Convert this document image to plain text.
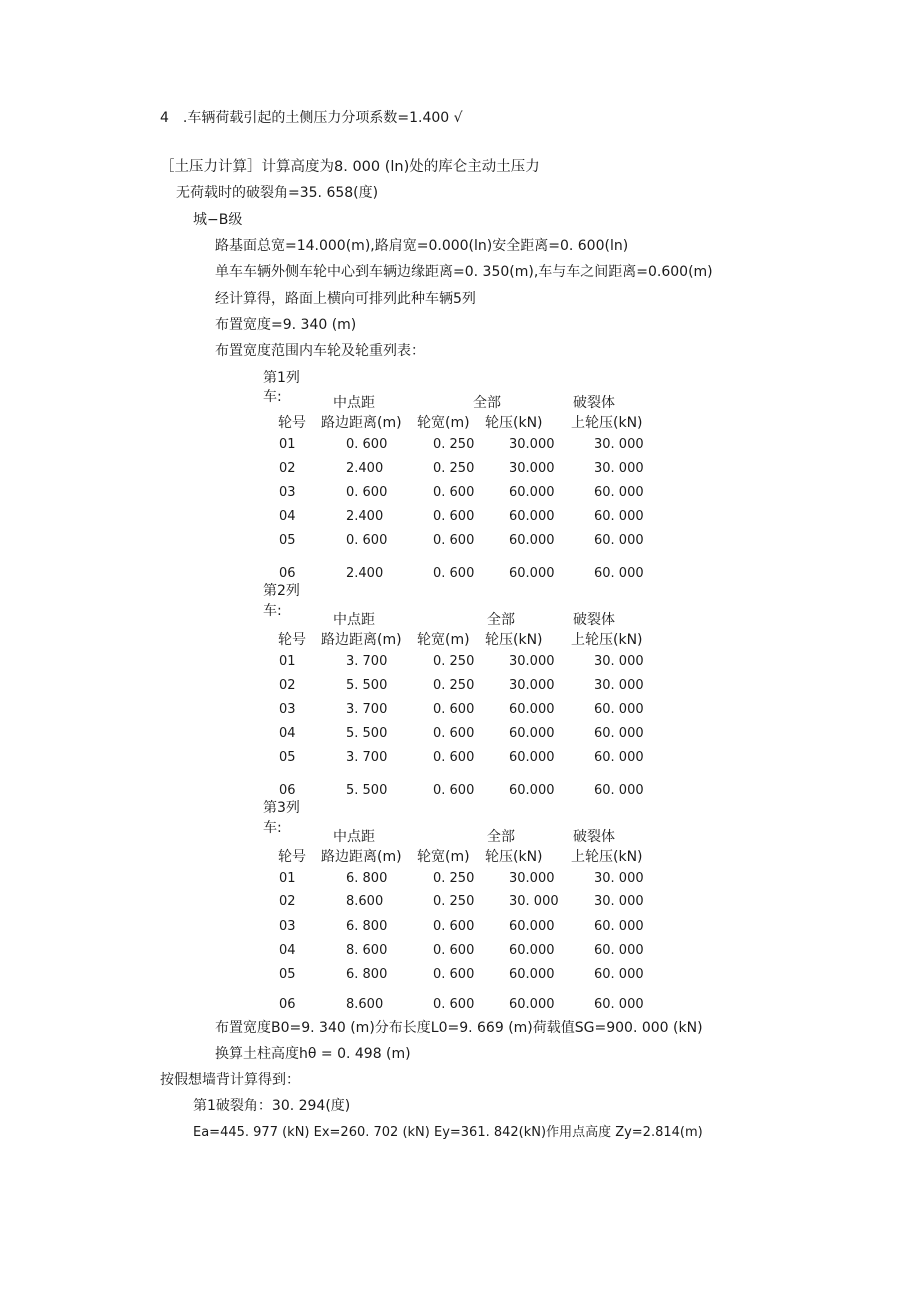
4　.车辆荷载引起的土侧压力分项系数=1.400 √
［土压力计算］计算高度为8. 000 (ln)处的库仑主动土压力
无荷载时的破裂角=35. 658(度)
城−B级
路基面总宽=14.000(m),路肩宽=0.000(ln)安全距离=0. 600(ln)
单车车辆外侧车轮中心到车辆边缘距离=0. 350(m),车与车之间距离=0.600(m)
经计算得，路面上横向可排列此种车辆5列
布置宽度=9. 340 (m)
布置宽度范围内车轮及轮重列表：
第1列
车:	中点距	全部	破裂体
轮号 路边距离(m) 轮宽(m) 轮压(kN) 上轮压(kN)
01	0. 600	0. 250	30.000	30. 000
02	2.400	0. 250	30.000	30. 000
03	0. 600	0. 600	60.000	60. 000
04	2.400	0. 600	60.000	60. 000
05	0. 600	0. 600	60.000	60. 000
06	2.400	0. 600	60.000	60. 000
第2列
车:
中点距	全部	破裂体
轮号 路边距离(m) 轮宽(m) 轮压(kN) 上轮压(kN)
01	3. 700	0. 250	30.000	30. 000
02	5. 500	0. 250	30.000	30. 000
03	3. 700	0. 600	60.000	60. 000
04	5. 500	0. 600	60.000	60. 000
05	3. 700	0. 600	60.000	60. 000
06	5. 500	0. 600	60.000	60. 000
第3列
车:
中点距	全部	破裂体
轮号 路边距离(m) 轮宽(m) 轮压(kN) 上轮压(kN)
01	6. 800	0. 250	30.000	30. 000
02	8.600	0. 250	30. 000	30. 000
03	6. 800	0. 600	60.000	60. 000
04	8. 600	0. 600	60.000	60. 000
05	6. 800	0. 600	60.000	60. 000
06	8.600	0. 600	60.000	60. 000
布置宽度B0=9. 340 (m)分布长度L0=9. 669 (m)荷载值SG=900. 000 (kN)
换算土柱高度hθ = 0. 498 (m)
按假想墙背计算得到：
第1破裂角：30. 294(度)
Ea=445. 977 (kN) Ex=260. 702 (kN) Ey=361. 842(kN)作用点高度 Zy=2.814(m)
